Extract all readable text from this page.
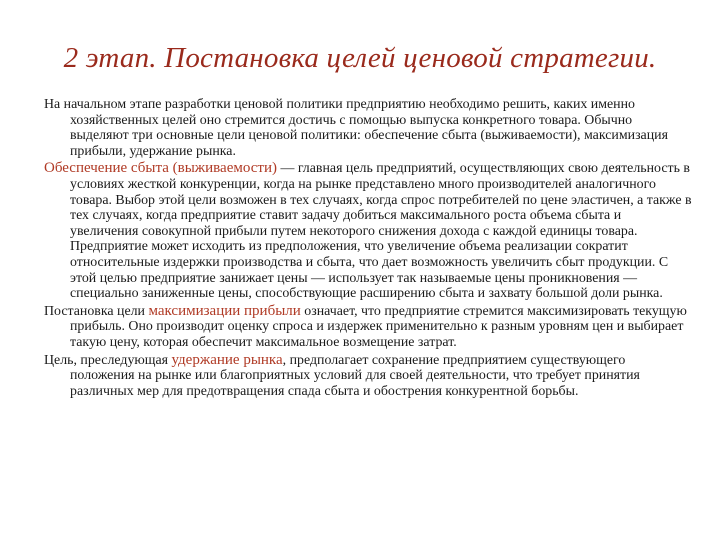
2 этап. Постановка целей ценовой стратегии.

На начальном этапе разработки ценовой политики предприятию необходимо решить, каких именно хозяйственных целей оно стремится достичь с помощью выпуска конкретного товара. Обычно выделяют три основные цели ценовой политики: обеспечение сбыта (выживаемости), максимизация прибыли, удержание рынка.

Обеспечение сбыта (выживаемости) — главная цель предприятий, осуществляющих свою деятельность в условиях жесткой конкуренции, когда на рынке представлено много производителей аналогичного товара. Выбор этой цели возможен в тех случаях, когда спрос потребителей по цене эластичен, а также в тех случаях, когда предприятие ставит задачу добиться максимального роста объема сбыта и увеличения совокупной прибыли путем некоторого снижения дохода с каждой единицы товара. Предприятие может исходить из предположения, что увеличение объема реализации сократит относительные издержки производства и сбыта, что дает возможность увеличить сбыт продукции. С этой целью предприятие занижает цены — использует так называемые цены проникновения — специально заниженные цены, способствующие расширению сбыта и захвату большой доли рынка.

Постановка цели максимизации прибыли означает, что предприятие стремится максимизировать текущую прибыль. Оно производит оценку спроса и издержек применительно к разным уровням цен и выбирает такую цену, которая обеспечит максимальное возмещение затрат.

Цель, преследующая удержание рынка, предполагает сохранение предприятием существующего положения на рынке или благоприятных условий для своей деятельности, что требует принятия различных мер для предотвращения спада сбыта и обострения конкурентной борьбы.
